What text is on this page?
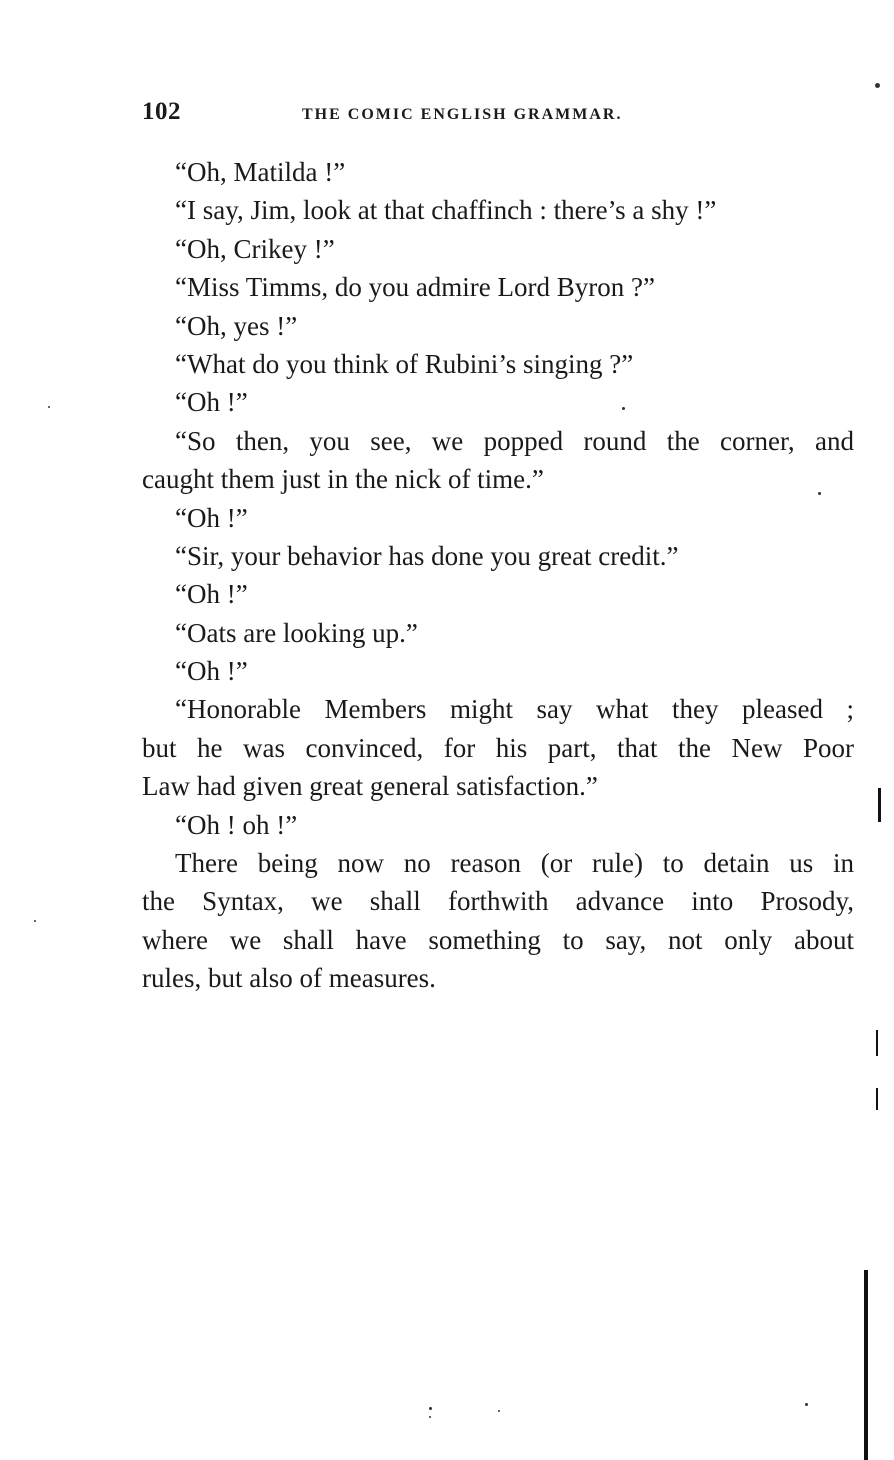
102	THE COMIC ENGLISH GRAMMAR.
“Oh, Matilda !”
“I say, Jim, look at that chaffinch : there’s a shy !”
“Oh, Crikey !”
“Miss Timms, do you admire Lord Byron ?”
“Oh, yes !”
“What do you think of Rubini’s singing ?”
“Oh !”
“So then, you see, we popped round the corner, and
caught them just in the nick of time.”
“Oh !”
“Sir, your behavior has done you great credit.”
“Oh !”
“Oats are looking up.”
“Oh !”
“Honorable Members might say what they pleased ;
but he was convinced, for his part, that the New Poor
Law had given great general satisfaction.”
“Oh ! oh !”
There being now no reason (or rule) to detain us in
the Syntax, we shall forthwith advance into Prosody,
where we shall have something to say, not only about
rules, but also of measures.
